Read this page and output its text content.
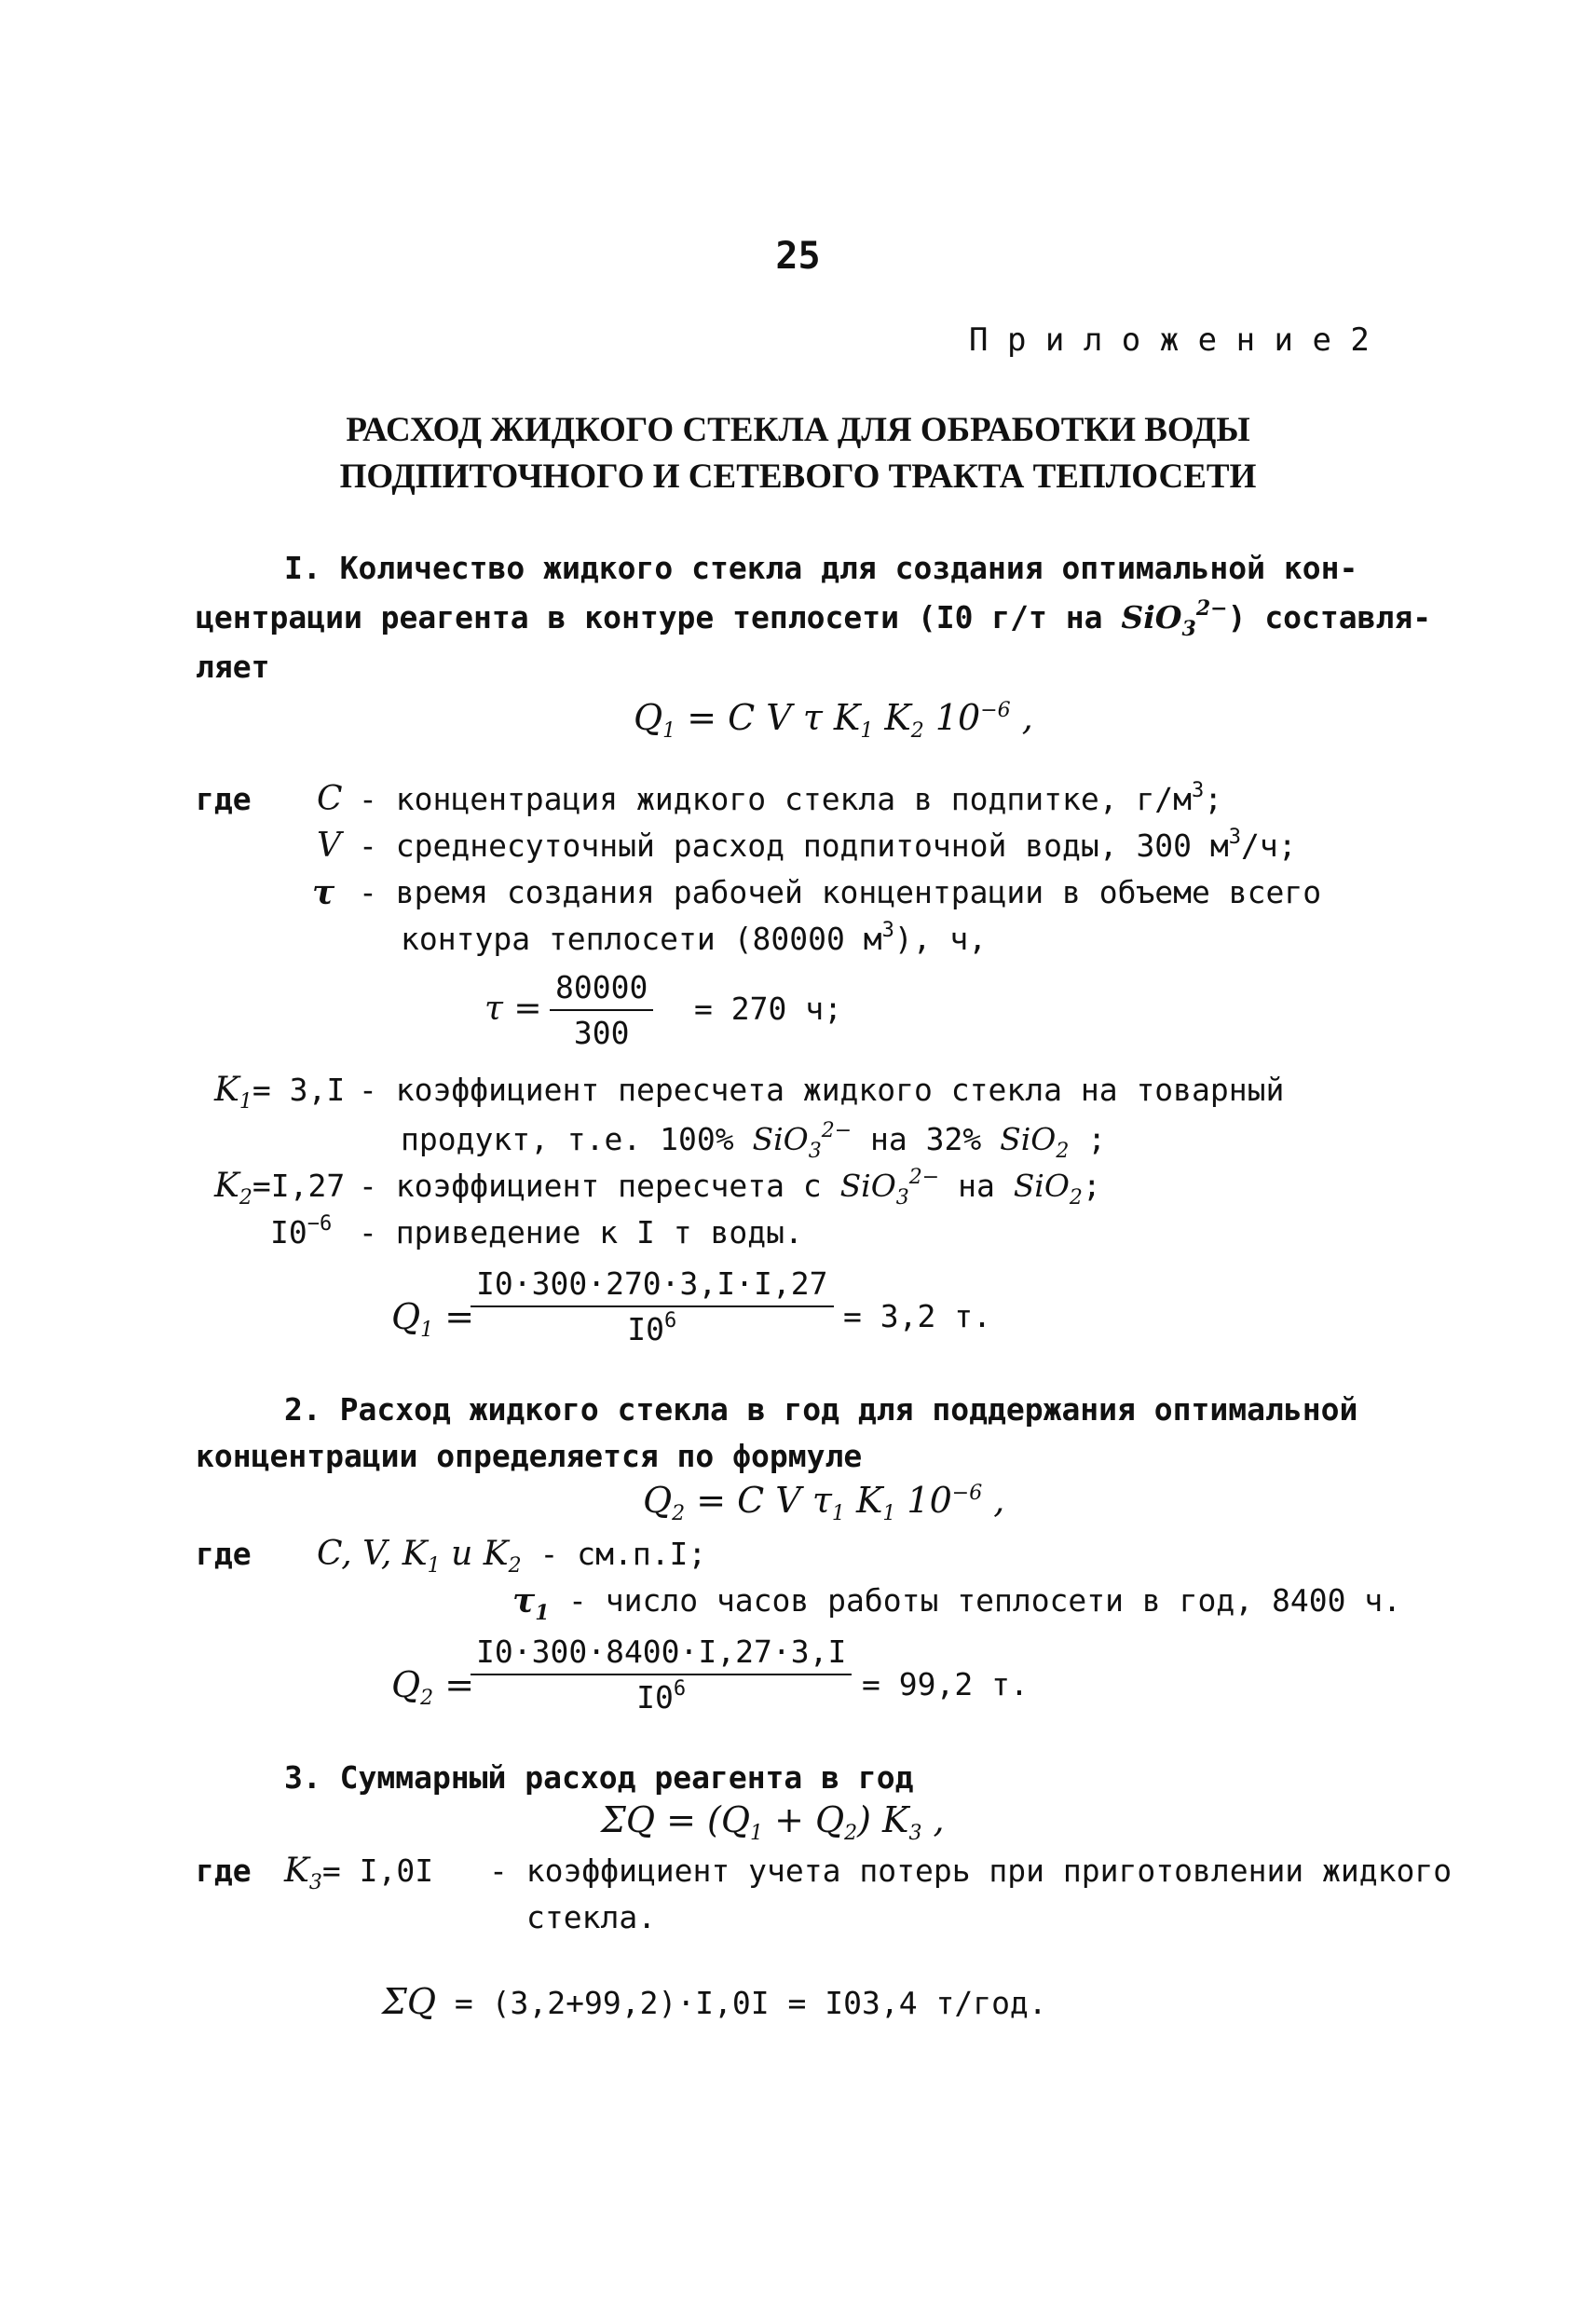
25
П р и л о ж е н и е 2
РАСХОД ЖИДКОГО СТЕКЛА ДЛЯ ОБРАБОТКИ ВОДЫ
ПОДПИТОЧНОГО И СЕТЕВОГО ТРАКТА ТЕПЛОСЕТИ
I. Количество жидкого стекла для создания оптимальной кон-
центрации реагента в контуре теплосети (I0 г/т на SiO$_3^{2-}$) составля-
ляет
$Q_1 = C$ V τ $K_1$ $K_2$ $10^{-6}$ ,
где C - концентрация жидкого стекла в подпитке, $г/м^3$;
V - среднесуточный расход подпиточной воды, 300 $м^3/ч$;
τ - время создания рабочей концентрации в объеме всего
контура теплосети (80000 $м^3$), ч,
$\tau = \frac{80000}{300} = 270$ ч;
$K_1= 3,I$ - коэффициент пересчета жидкого стекла на товарный
продукт, т.е. 100% SiO$_3^{2-}$ на 32% SiO$_2$ ;
$K_2=I,27$ - коэффициент пересчета с SiO$_3^{2-}$ на SiO$_2$;
$I0^{-6}$ - приведение к I т воды.
$Q_1$ =
$\frac{I0\cdot 300\cdot 270\cdot 3,I\cdot I,27}{I0^6} = 3,2$ т.
2. Расход жидкого стекла в год для поддержания оптимальной
концентрации определяется по формуле
$Q_2 = C$ V $\tau_1$ $K_1$ $10^{-6}$ ,
где C, V, $K_1$ и $K_2 - см.п.I$;
$\tau_1$ - число часов работы теплосети в год, 8400 ч.
$Q_2$ =
$\frac{I0\cdot 300\cdot 8400\cdot I,27\cdot 3,I}{I0^6} = 99,2$ т.
3. Суммарный расход реагента в год
$\Sigma Q = (Q_1 + Q_2)$ $K_3$ ,
где $K_3= I,0I$ - коэффициент учета потерь при приготовлении жидкого
стекла.
ΣQ = (3,2+99,2)·I,0I = I03,4 т/год.
